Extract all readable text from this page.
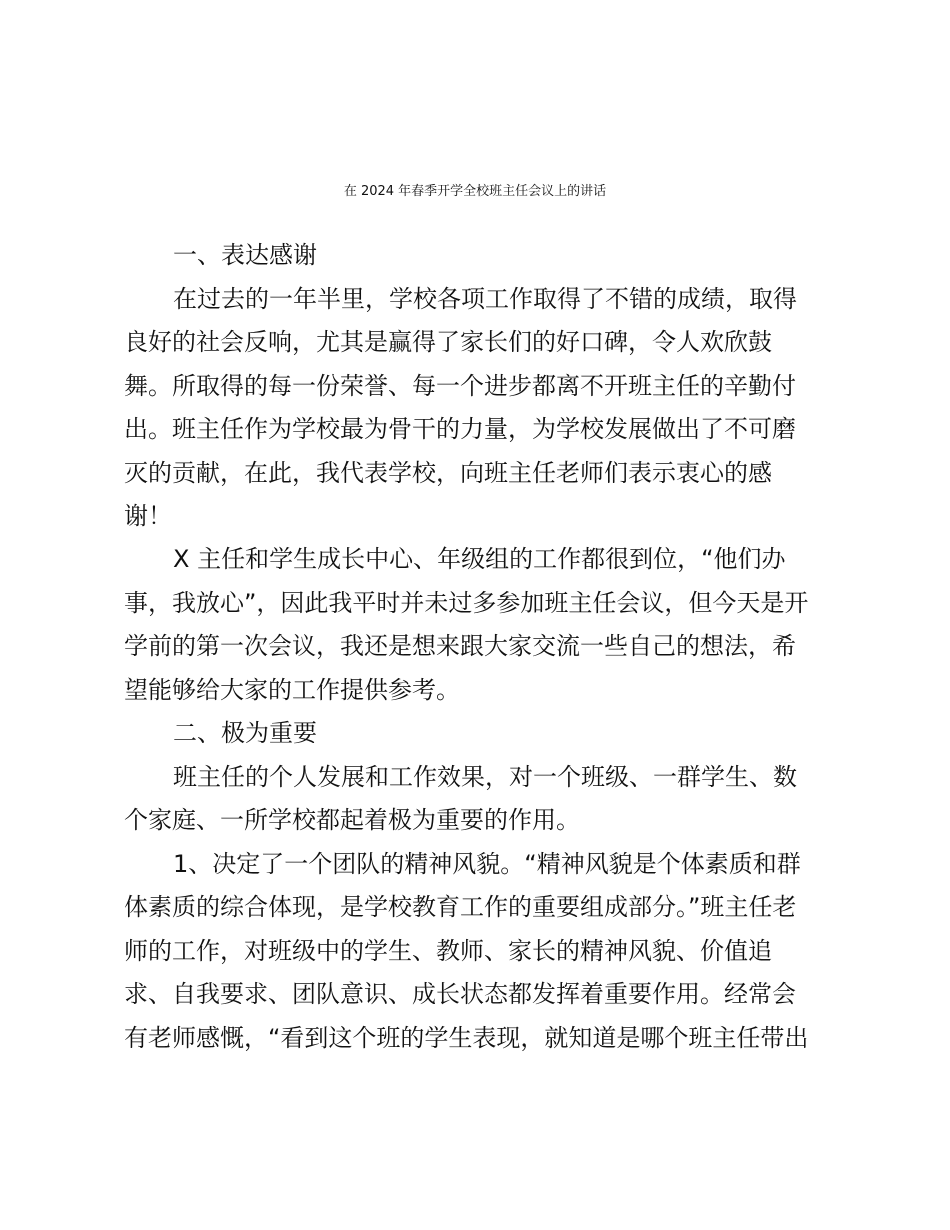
在 2024 年春季开学全校班主任会议上的讲话
一、表达感谢
在过去的一年半里，学校各项工作取得了不错的成绩，取得
良好的社会反响，尤其是赢得了家长们的好口碑，令人欢欣鼓
舞。所取得的每一份荣誉、每一个进步都离不开班主任的辛勤付
出。班主任作为学校最为骨干的力量，为学校发展做出了不可磨
灭的贡献，在此，我代表学校，向班主任老师们表示衷心的感
谢！
X 主任和学生成长中心、年级组的工作都很到位，“他们办
事，我放心”，因此我平时并未过多参加班主任会议，但今天是开
学前的第一次会议，我还是想来跟大家交流一些自己的想法，希
望能够给大家的工作提供参考。
二、极为重要
班主任的个人发展和工作效果，对一个班级、一群学生、数
个家庭、一所学校都起着极为重要的作用。
1、决定了一个团队的精神风貌。“精神风貌是个体素质和群
体素质的综合体现，是学校教育工作的重要组成部分。”班主任老
师的工作，对班级中的学生、教师、家长的精神风貌、价值追
求、自我要求、团队意识、成长状态都发挥着重要作用。经常会
有老师感慨，“看到这个班的学生表现，就知道是哪个班主任带出
